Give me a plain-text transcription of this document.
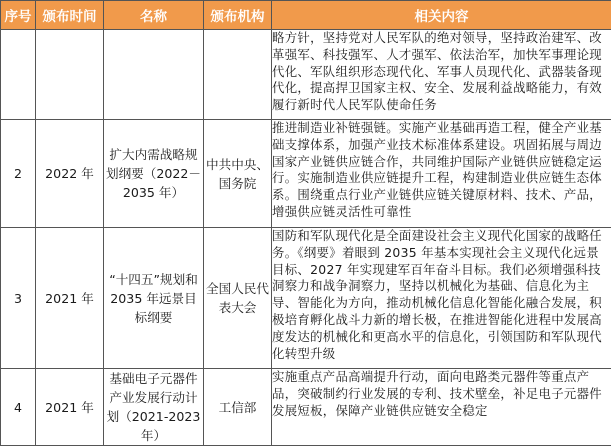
序号	颁布时间	名称	颁布机构	相关内容
				略方针，坚持党对人民军队的绝对领导，坚持政治建军、改革强军、科技强军、人才强军、依法治军，加快军事理论现代化、军队组织形态现代化、军事人员现代化、武器装备现代化，提高捍卫国家主权、安全、发展利益战略能力，有效履行新时代人民军队使命任务
2	2022 年	扩大内需战略规划纲要（2022－2035 年）	中共中央、国务院	推进制造业补链强链。实施产业基础再造工程，健全产业基础支撑体系，加强产业技术标准体系建设。巩固拓展与周边国家产业链供应链合作，共同维护国际产业链供应链稳定运行。实施制造业供应链提升工程，构建制造业供应链生态体系。围绕重点行业产业链供应链关键原材料、技术、产品，增强供应链灵活性可靠性
3	2021 年	“十四五”规划和 2035 年远景目标纲要	全国人民代表大会	国防和军队现代化是全面建设社会主义现代化国家的战略任务。《纲要》着眼到 2035 年基本实现社会主义现代化远景目标、2027 年实现建军百年奋斗目标。我们必须增强科技洞察力和战争洞察力，坚持以机械化为基础、信息化为主导、智能化为方向，推动机械化信息化智能化融合发展，积极培育孵化战斗力新的增长极，在推进智能化进程中发展高度发达的机械化和更高水平的信息化，引领国防和军队现代化转型升级
4	2021 年	基础电子元器件产业发展行动计划（2021-2023 年）	工信部	实施重点产品高端提升行动，面向电路类元器件等重点产品，突破制约行业发展的专利、技术壁垒，补足电子元器件发展短板，保障产业链供应链安全稳定
